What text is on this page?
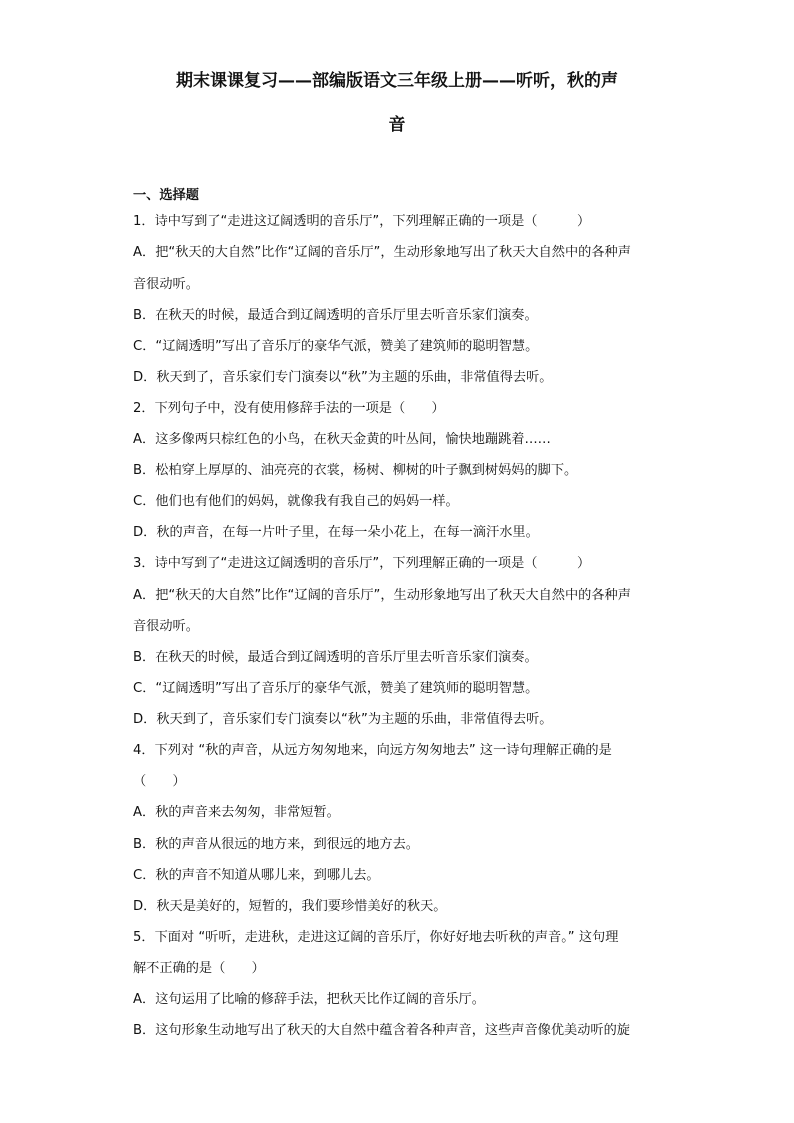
期末课课复习——部编版语文三年级上册——听听，秋的声
音
一、选择题
1．诗中写到了“走进这辽阔透明的音乐厅”，下列理解正确的一项是（　　　）
A．把“秋天的大自然”比作“辽阔的音乐厅”，生动形象地写出了秋天大自然中的各种声
音很动听。
B．在秋天的时候，最适合到辽阔透明的音乐厅里去听音乐家们演奏。
C．“辽阔透明”写出了音乐厅的豪华气派，赞美了建筑师的聪明智慧。
D．秋天到了，音乐家们专门演奏以“秋”为主题的乐曲，非常值得去听。
2．下列句子中，没有使用修辞手法的一项是（　　）
A．这多像两只棕红色的小鸟，在秋天金黄的叶丛间，愉快地蹦跳着……
B．松柏穿上厚厚的、油亮亮的衣裳，杨树、柳树的叶子飘到树妈妈的脚下。
C．他们也有他们的妈妈，就像我有我自己的妈妈一样。
D．秋的声音，在每一片叶子里，在每一朵小花上，在每一滴汗水里。
3．诗中写到了“走进这辽阔透明的音乐厅”，下列理解正确的一项是（　　　）
A．把“秋天的大自然”比作“辽阔的音乐厅”，生动形象地写出了秋天大自然中的各种声
音很动听。
B．在秋天的时候，最适合到辽阔透明的音乐厅里去听音乐家们演奏。
C．“辽阔透明”写出了音乐厅的豪华气派，赞美了建筑师的聪明智慧。
D．秋天到了，音乐家们专门演奏以“秋”为主题的乐曲，非常值得去听。
4．下列对 “秋的声音，从远方匆匆地来，向远方匆匆地去” 这一诗句理解正确的是
（　　）
A．秋的声音来去匆匆，非常短暂。
B．秋的声音从很远的地方来，到很远的地方去。
C．秋的声音不知道从哪儿来，到哪儿去。
D．秋天是美好的，短暂的，我们要珍惜美好的秋天。
5．下面对 “听听，走进秋，走进这辽阔的音乐厅，你好好地去听秋的声音。” 这句理
解不正确的是（　　）
A．这句运用了比喻的修辞手法，把秋天比作辽阔的音乐厅。
B．这句形象生动地写出了秋天的大自然中蕴含着各种声音，这些声音像优美动听的旋
